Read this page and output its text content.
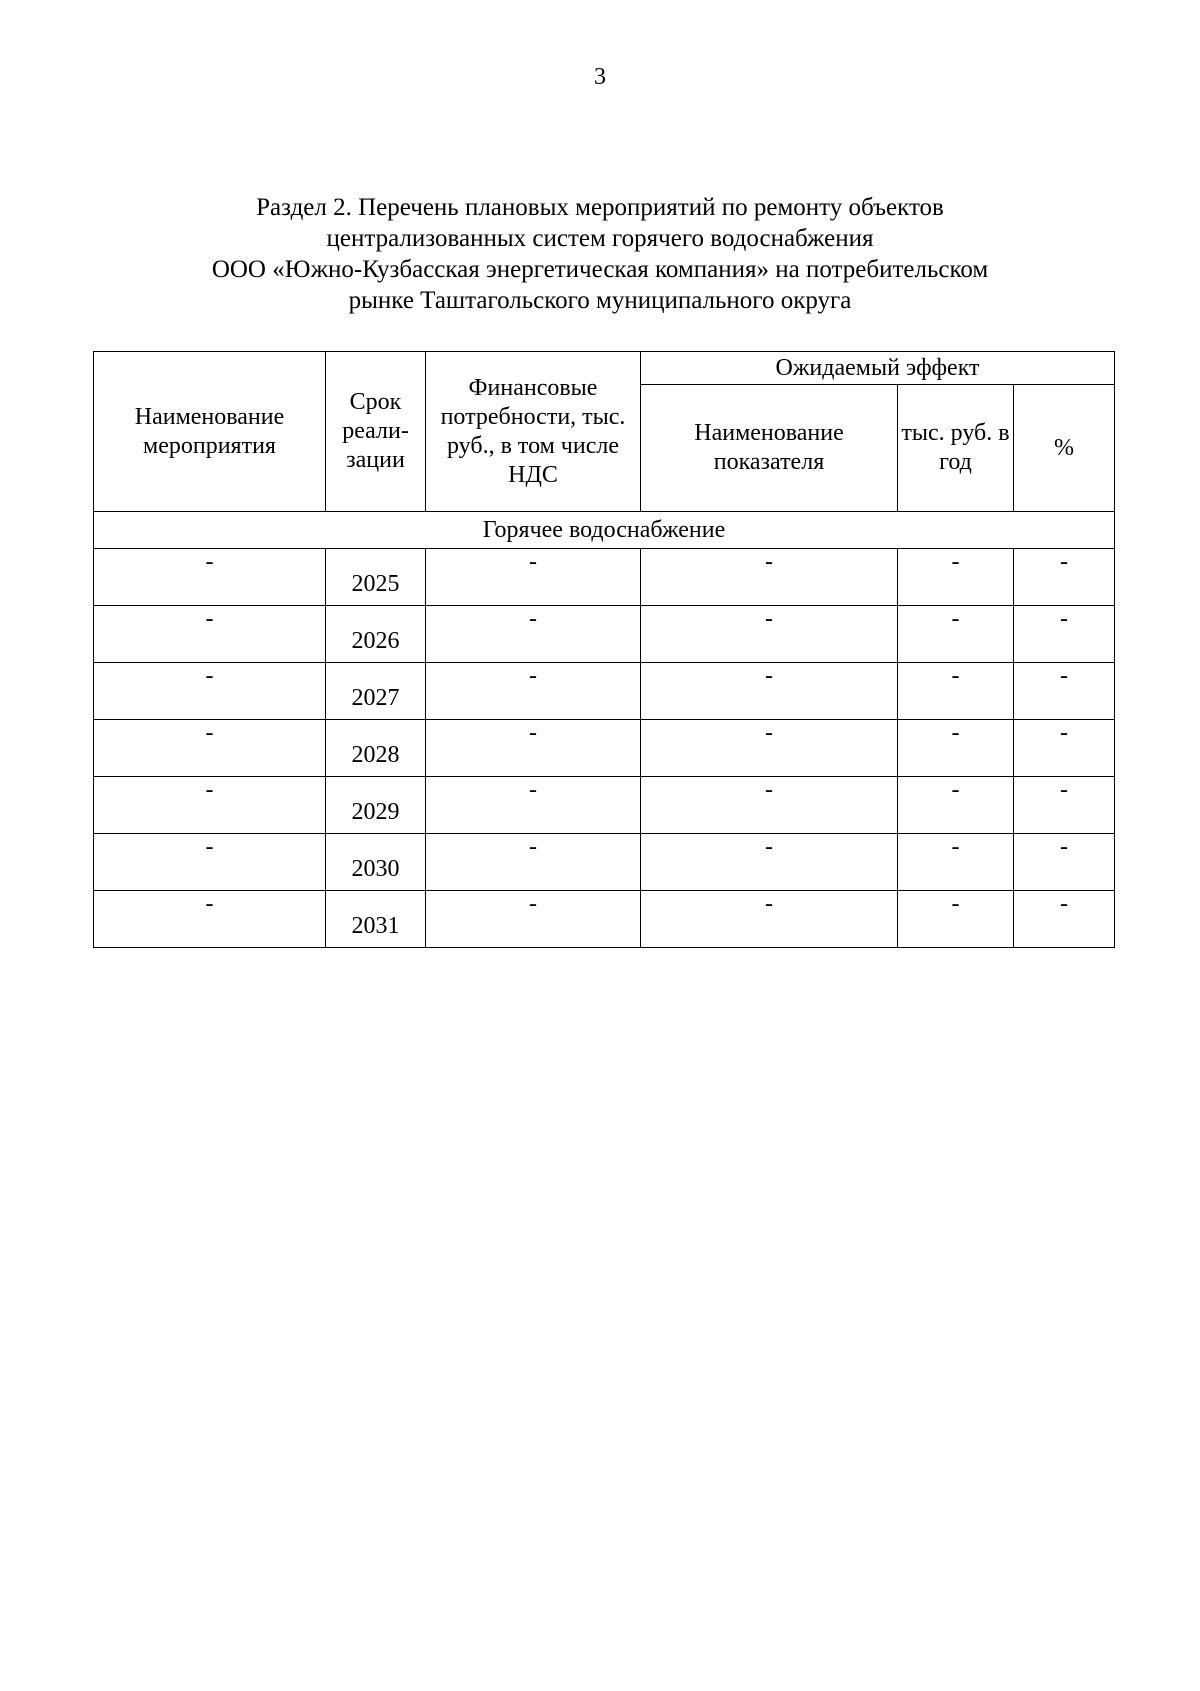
3
Раздел 2. Перечень плановых мероприятий по ремонту объектов
централизованных систем горячего водоснабжения
ООО «Южно-Кузбасская энергетическая компания» на потребительском
рынке Таштагольского муниципального округа
Наименование мероприятия	Срок реали-зации	Финансовые потребности, тыс. руб., в том числе НДС	Ожидаемый эффект		
			Наименование показателя	тыс. руб. в год	%
Горячее водоснабжение					
-	2025	-	-	-	-
-	2026	-	-	-	-
-	2027	-	-	-	-
-	2028	-	-	-	-
-	2029	-	-	-	-
-	2030	-	-	-	-
-	2031	-	-	-	-
